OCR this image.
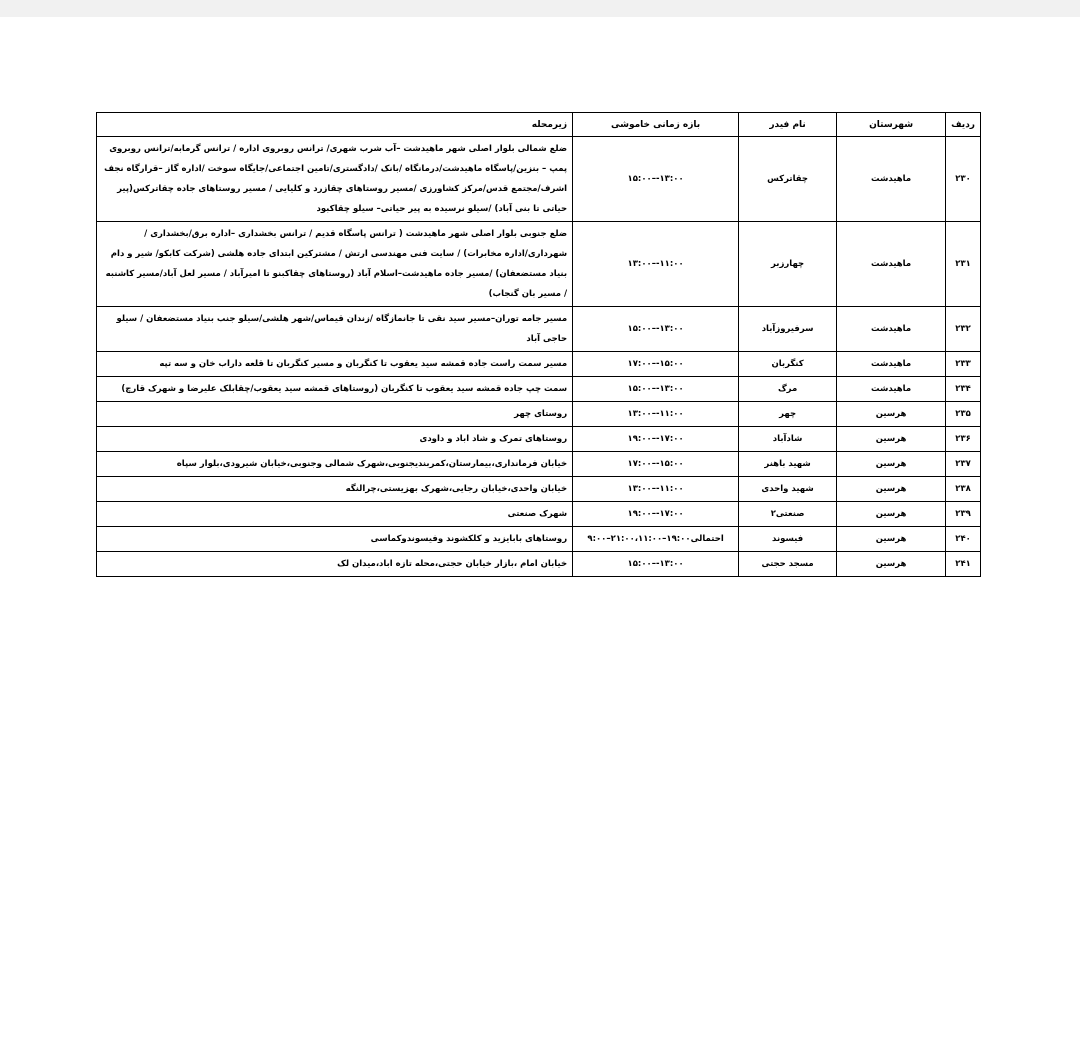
ردیف	شهرستان	نام فیدر	بازه زمانی خاموشی	زیرمحله
۲۳۰	ماهیدشت	چقاترکس	۱۳:۰۰-–۱۵:۰۰	ضلع شمالی بلوار اصلی شهر ماهیدشت –آب شرب شهری/ ترانس روبروی اداره / ترانس گرمابه/ترانس روبروی پمپ – بنزین/پاسگاه ماهیدشت/درمانگاه /بانک /دادگستری/تامین اجتماعی/جایگاه سوخت /اداره گاز –قرارگاه نجف اشرف/مجتمع قدس/مرکز کشاورزی /مسیر روستاهای چقازرد و کلیایی / مسیر روستاهای جاده چقاترکس(پیر حیاتی تا بنی آباد) /سیلو نرسیده به پیر حیاتی– سیلو چقاکبود
۲۳۱	ماهیدشت	چهارزبر	۱۱:۰۰-–۱۳:۰۰	ضلع جنوبی بلوار اصلی شهر ماهیدشت ( ترانس پاسگاه قدیم / ترانس بخشداری –اداره برق/بخشداری /شهرداری/اداره مخابرات) / سایت فنی مهندسی ارتش / مشترکین ابتدای جاده هلشی (شرکت کابکو/ شیر و دام بنیاد مستضعفان) /مسیر جاده ماهیدشت–اسلام آباد (روستاهای چقاکبنو تا امیرآباد / مسیر لعل آباد/مسیر کاشنبه / مسیر بان گنجاب)
۲۳۲	ماهیدشت	سرفیروزآباد	۱۳:۰۰-–۱۵:۰۰	مسیر جامه توران–مسیر سید نقی تا جانمازگاه /زندان قیماس/شهر هلشی/سیلو جنب بنیاد مستضعفان / سیلو حاجی آباد
۲۳۳	ماهیدشت	کنگربان	۱۵:۰۰-–۱۷:۰۰	مسیر سمت راست جاده قمشه سید یعقوب تا کنگربان و مسیر کنگربان تا قلعه داراب خان و سه تپه
۲۳۴	ماهیدشت	مرگ	۱۳:۰۰-–۱۵:۰۰	سمت چپ جاده قمشه سید یعقوب تا کنگربان (روستاهای قمشه سید یعقوب/چقابلک علیرضا و شهرک قارچ)
۲۳۵	هرسین	چهر	۱۱:۰۰-–۱۳:۰۰	روستای چهر
۲۳۶	هرسین	شادآباد	۱۷:۰۰-–۱۹:۰۰	روستاهای تمرک و شاد اباد و داودی
۲۳۷	هرسین	شهید باهنر	۱۵:۰۰-–۱۷:۰۰	خیابان فرمانداری،بیمارستان،کمربندیجنوبی،شهرک شمالی وجنوبی،خیابان شیرودی،بلوار سپاه
۲۳۸	هرسین	شهید واحدی	۱۱:۰۰-–۱۳:۰۰	خیابان واحدی،خیابان رجایی،شهرک بهزیستی،چرالنگه
۲۳۹	هرسین	صنعتی۲	۱۷:۰۰-–۱۹:۰۰	شهرک صنعتی
۲۴۰	هرسین	فیسوند	احتمالی۱۹:۰۰–۲۱:۰۰،۱۱:۰۰–۹:۰۰	روستاهای بابایزید و کلکشوند وفیسوندوکماسی
۲۴۱	هرسین	مسجد حجتی	۱۳:۰۰-–۱۵:۰۰	خیابان امام ،بازار خیابان حجتی،محله تازه اباد،میدان لک
